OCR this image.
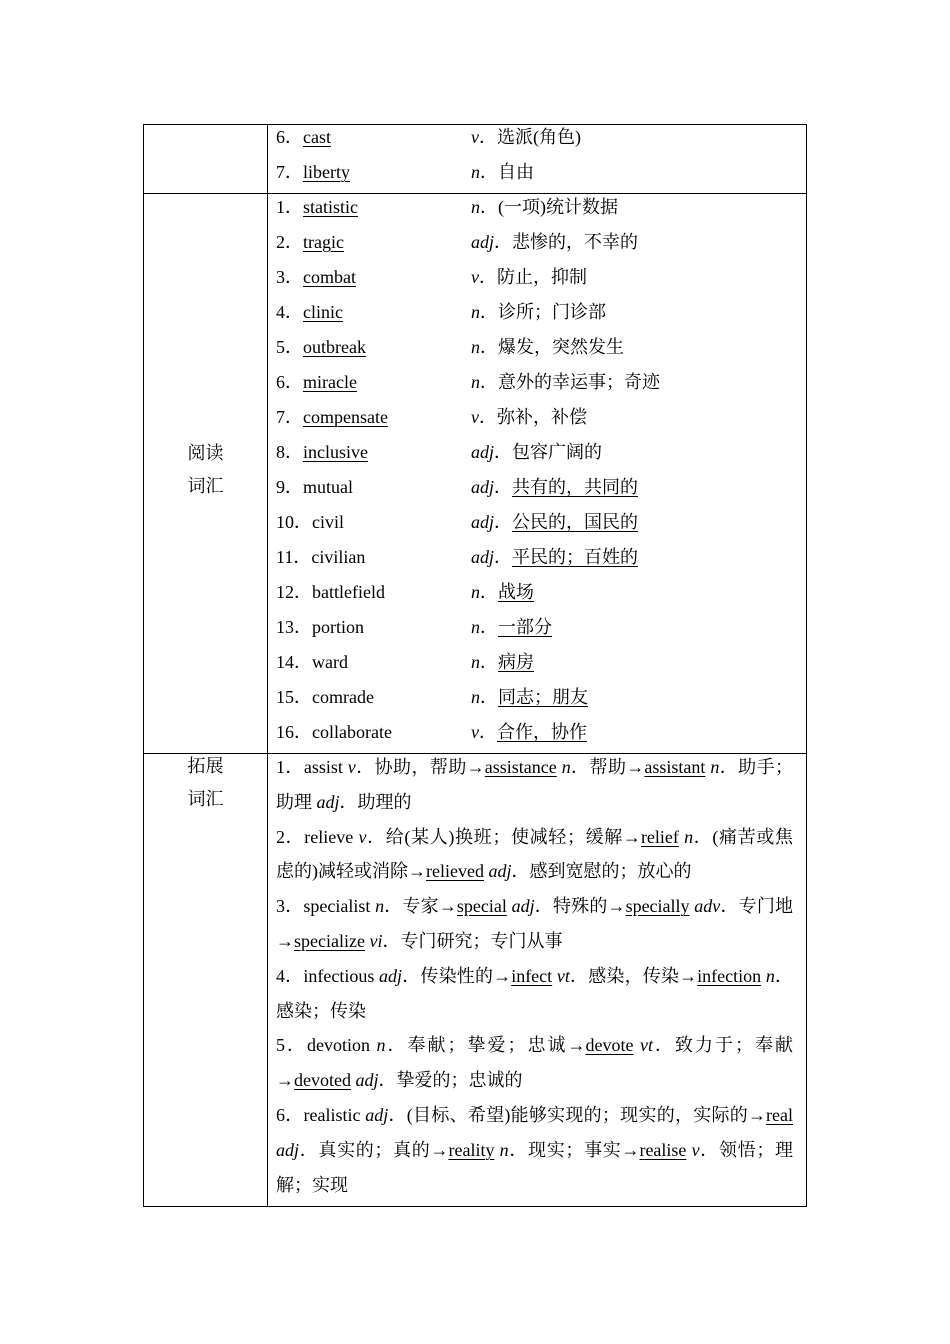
6．cast	v．选派(角色)
7．liberty	n．自由
阅读
词汇
1．statistic	n．(一项)统计数据
2．tragic	adj．悲惨的，不幸的
3．combat	v．防止，抑制
4．clinic	n．诊所；门诊部
5．outbreak	n．爆发，突然发生
6．miracle	n．意外的幸运事；奇迹
7．compensate	v．弥补，补偿
8．inclusive	adj．包容广阔的
9．mutual	adj．共有的，共同的
10．civil	adj．公民的，国民的
11．civilian	adj．平民的；百姓的
12．battlefield	n．战场
13．portion	n．一部分
14．ward	n．病房
15．comrade	n．同志；朋友
16．collaborate	v．合作，协作
拓展
词汇

1．assist v．协助，帮助→assistance n．帮助→assistant n．助手；助理 adj．助理的

2．relieve v．给(某人)换班；使减轻；缓解→relief n．(痛苦或焦虑的)减轻或消除→relieved adj．感到宽慰的；放心的

3．specialist n．专家→special adj．特殊的→specially adv．专门地→specialize vi．专门研究；专门从事

4．infectious adj．传染性的→infect vt．感染，传染→infection n．感染；传染

5．devotion n．奉献；挚爱；忠诚→devote vt．致力于；奉献→devoted adj．挚爱的；忠诚的

6．realistic adj．(目标、希望)能够实现的；现实的，实际的→real adj．真实的；真的→reality n．现实；事实→realise v．领悟；理解；实现
